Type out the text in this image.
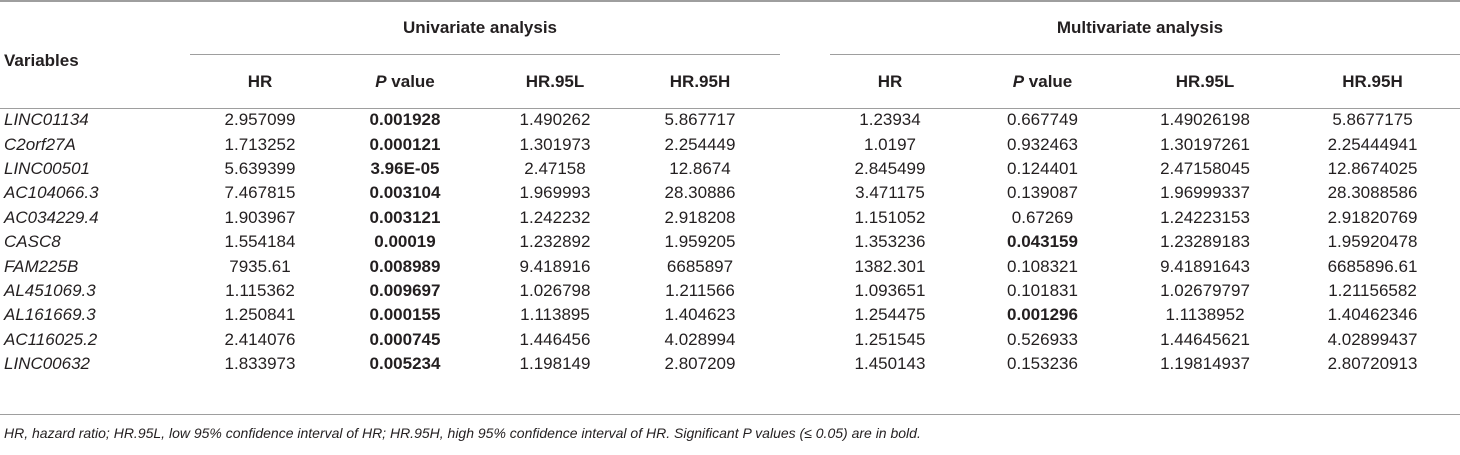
Variables	Univariate analysis					Multivariate analysis			
	HR	P value	HR.95L	HR.95H		HR	P value	HR.95L	HR.95H
LINC01134	2.957099	0.001928	1.490262	5.867717		1.23934	0.667749	1.49026198	5.8677175
C2orf27A	1.713252	0.000121	1.301973	2.254449		1.0197	0.932463	1.30197261	2.25444941
LINC00501	5.639399	3.96E-05	2.47158	12.8674		2.845499	0.124401	2.47158045	12.8674025
AC104066.3	7.467815	0.003104	1.969993	28.30886		3.471175	0.139087	1.96999337	28.3088586
AC034229.4	1.903967	0.003121	1.242232	2.918208		1.151052	0.67269	1.24223153	2.91820769
CASC8	1.554184	0.00019	1.232892	1.959205		1.353236	0.043159	1.23289183	1.95920478
FAM225B	7935.61	0.008989	9.418916	6685897		1382.301	0.108321	9.41891643	6685896.61
AL451069.3	1.115362	0.009697	1.026798	1.211566		1.093651	0.101831	1.02679797	1.21156582
AL161669.3	1.250841	0.000155	1.113895	1.404623		1.254475	0.001296	1.1138952	1.40462346
AC116025.2	2.414076	0.000745	1.446456	4.028994		1.251545	0.526933	1.44645621	4.02899437
LINC00632	1.833973	0.005234	1.198149	2.807209		1.450143	0.153236	1.19814937	2.80720913
HR, hazard ratio; HR.95L, low 95% confidence interval of HR; HR.95H, high 95% confidence interval of HR. Significant P values (≤ 0.05) are in bold.
